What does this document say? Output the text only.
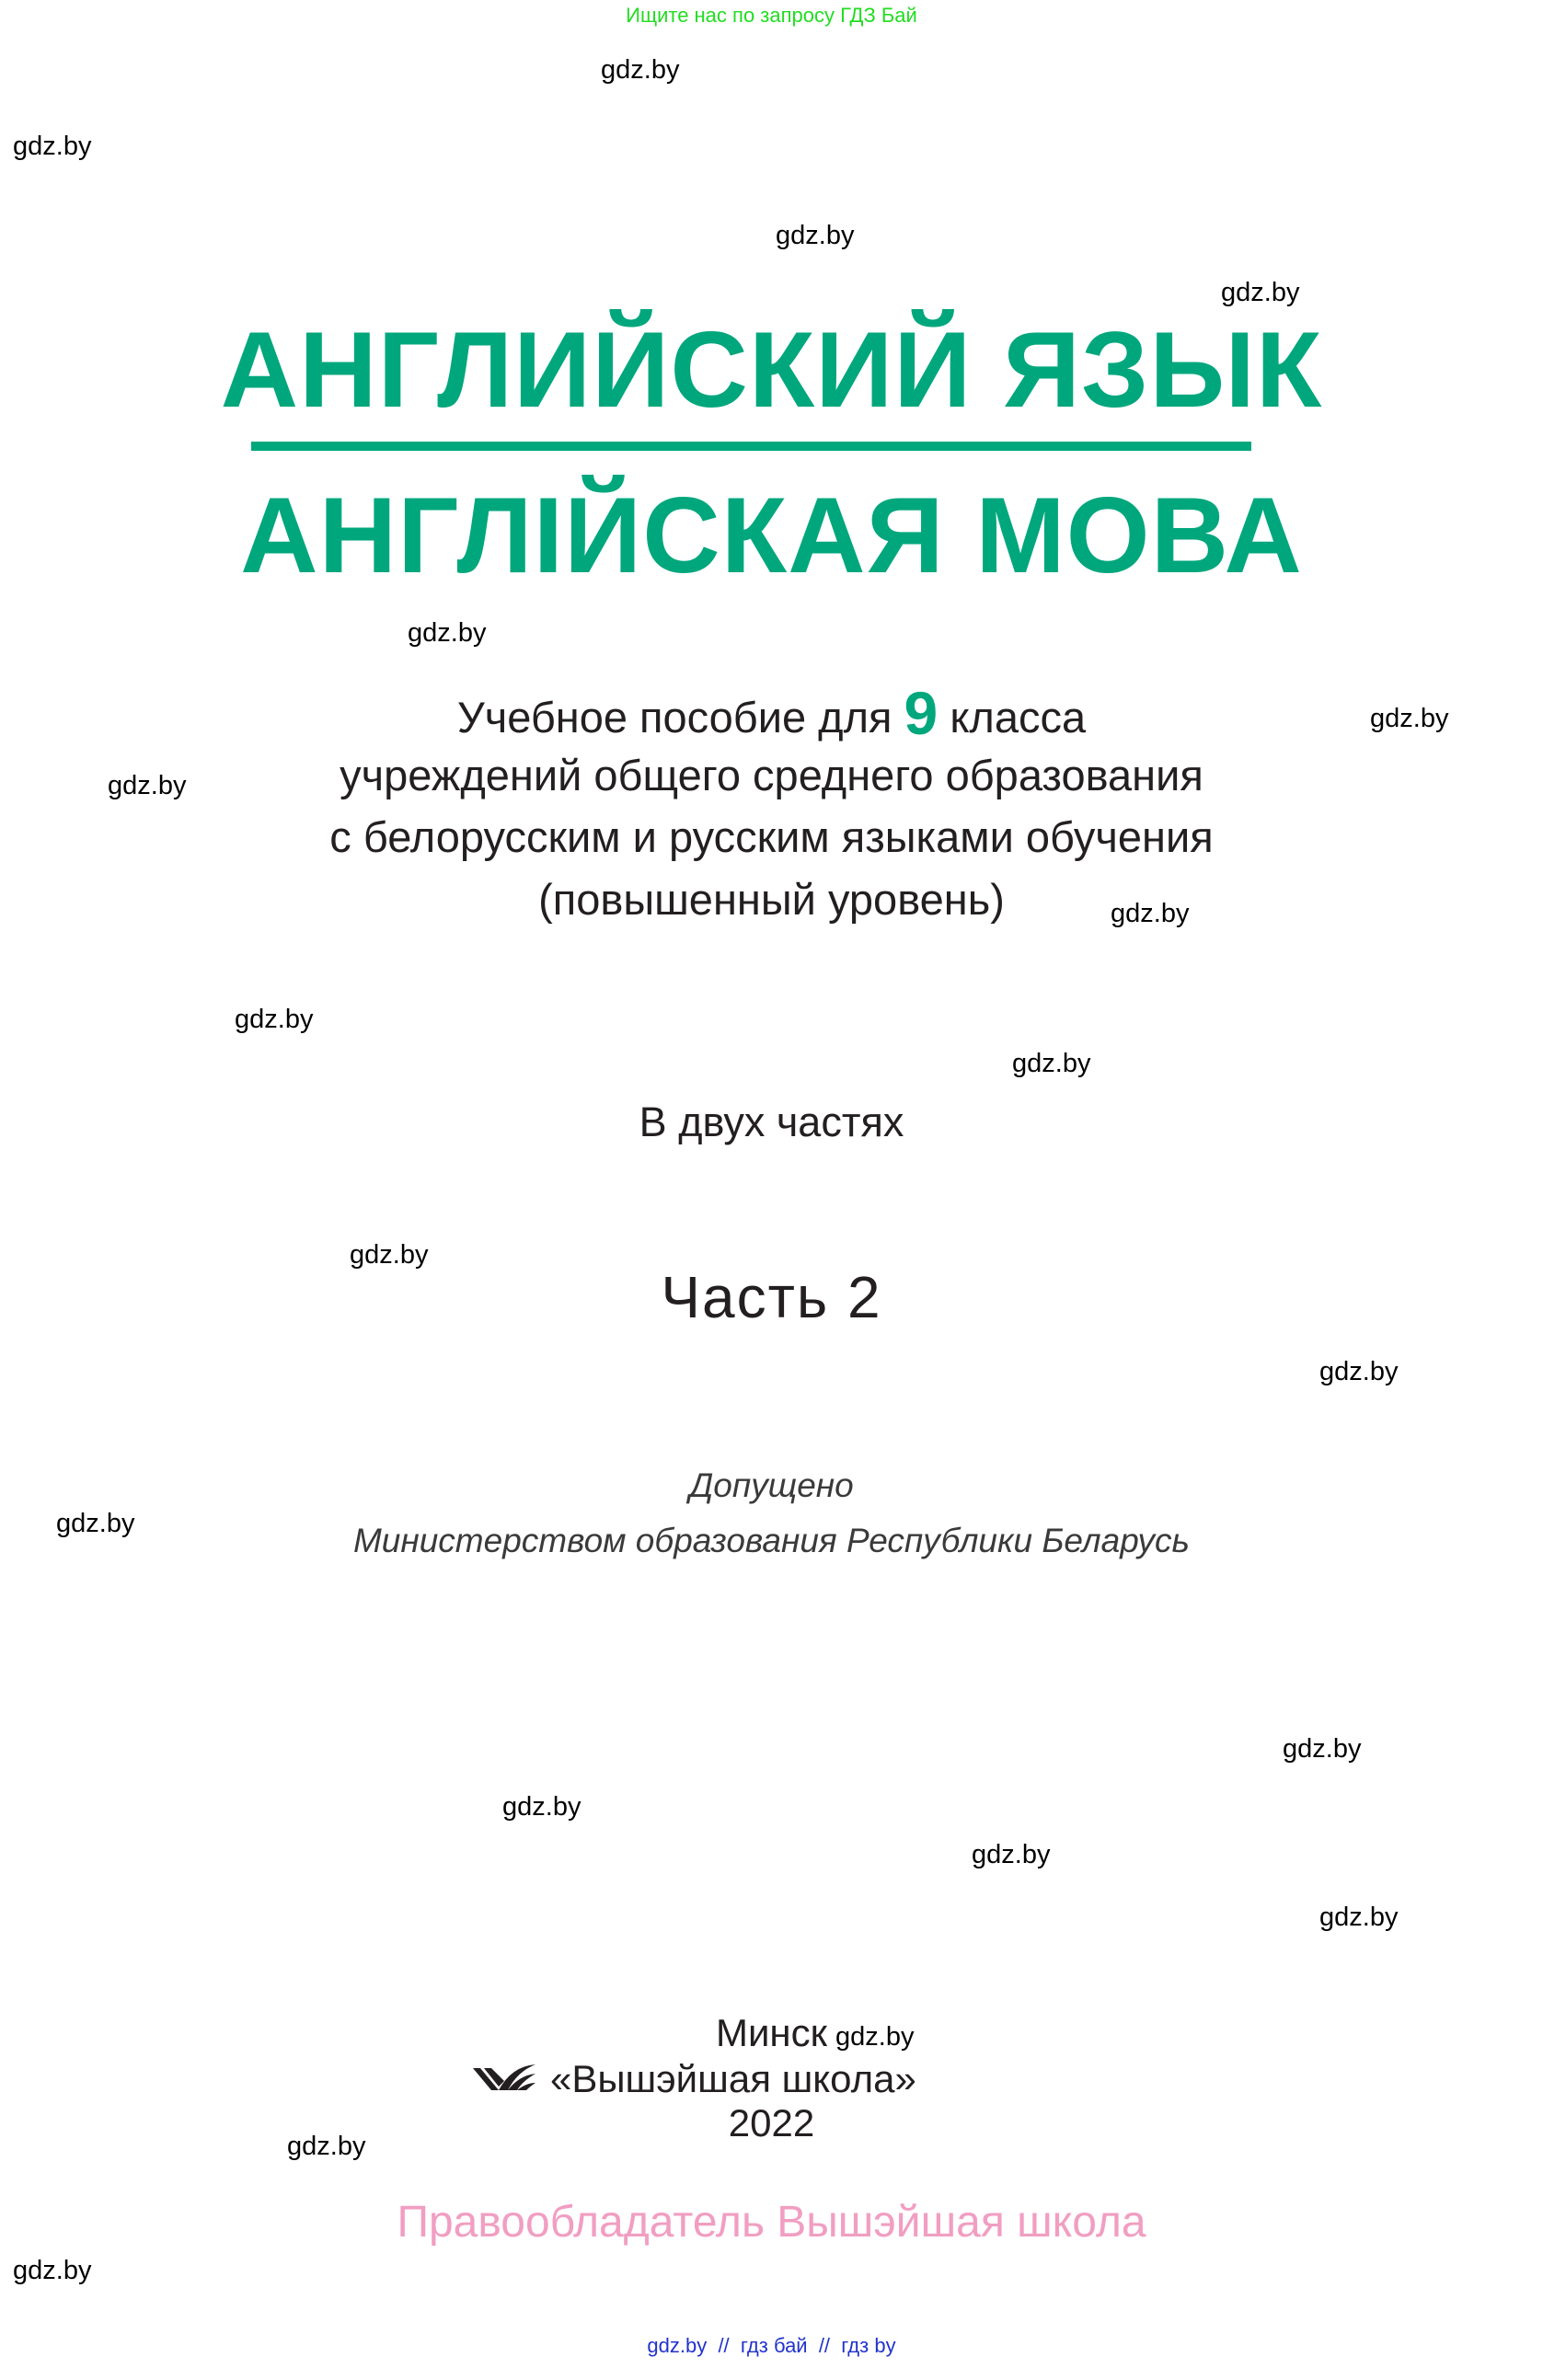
Ищите нас по запросу ГДЗ Бай
gdz.by
gdz.by
gdz.by
gdz.by
gdz.by
gdz.by
gdz.by
gdz.by
gdz.by
gdz.by
gdz.by
gdz.by
gdz.by
gdz.by
gdz.by
gdz.by
gdz.by
gdz.by
gdz.by
gdz.by
АНГЛИЙСКИЙ ЯЗЫК
АНГЛІЙСКАЯ МОВА
Учебное пособие для 9 класса
учреждений общего среднего образования
с белорусским и русским языками обучения
(повышенный уровень)
В двух частях
Часть 2
Допущено
Министерством образования Республики Беларусь
Минск
«Вышэйшая школа»
2022
Правообладатель Вышэйшая школа
gdz.by  //  гдз бай  //  гдз by
